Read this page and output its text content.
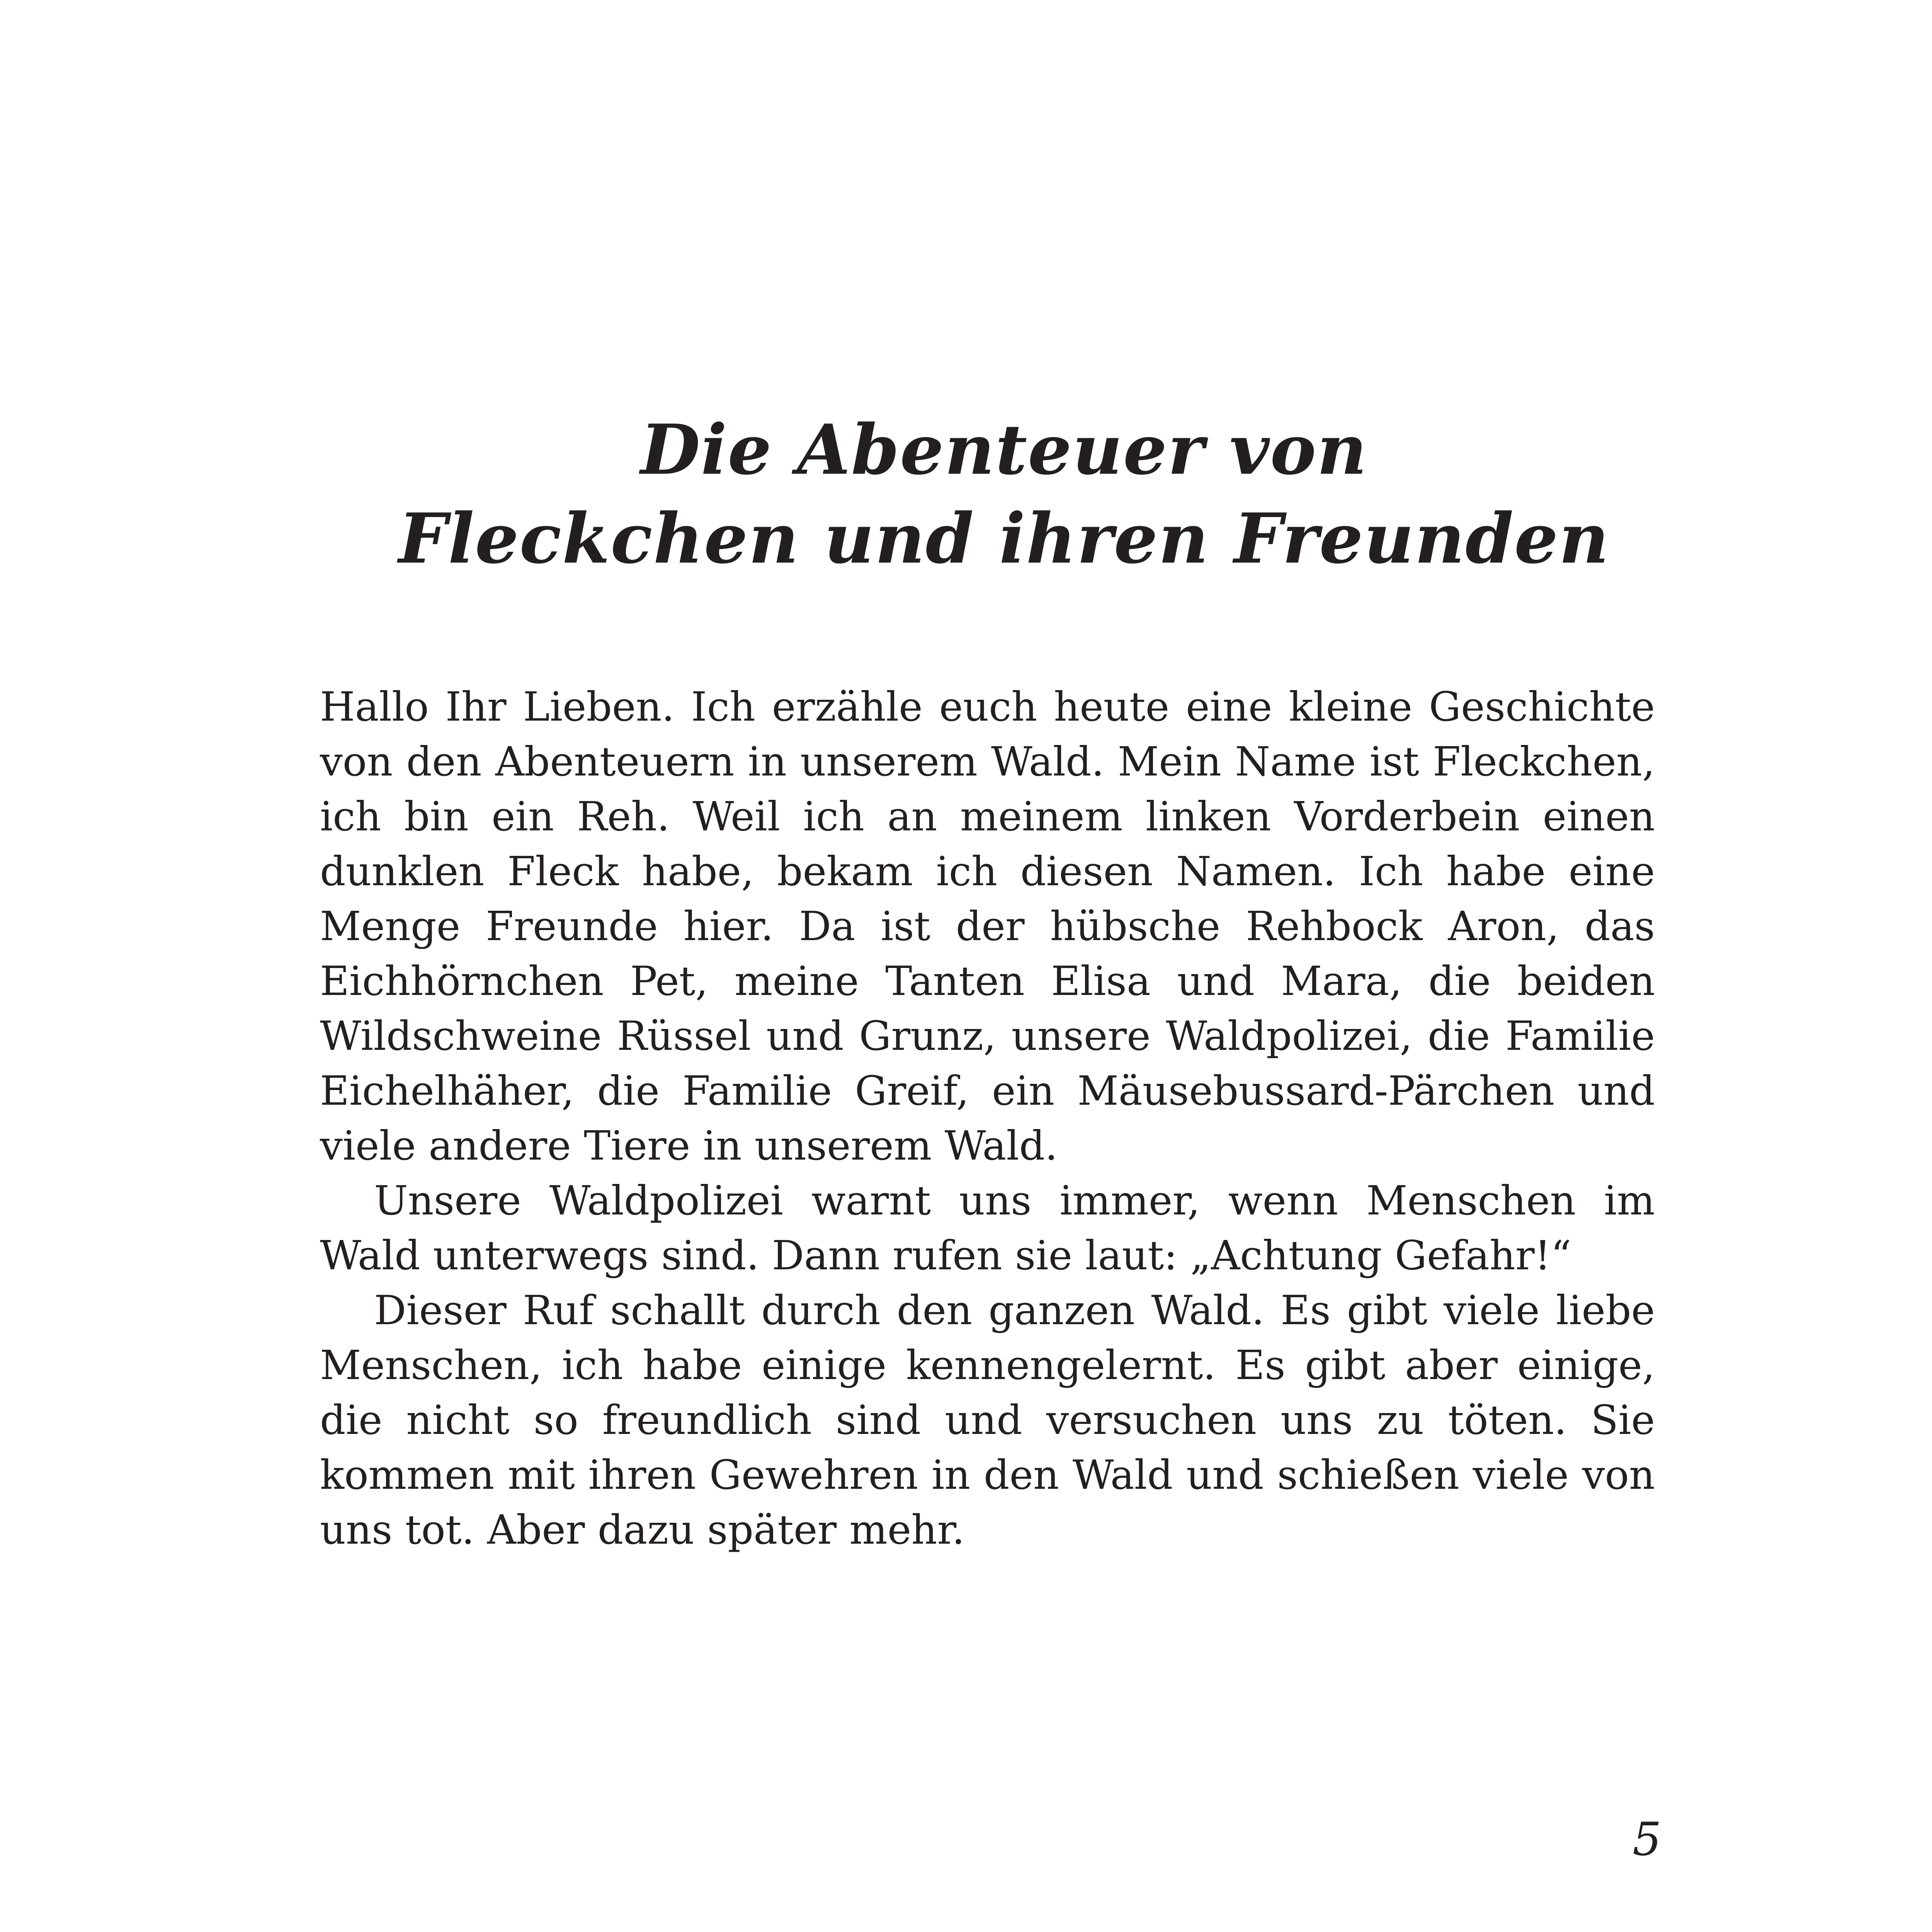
Die Abenteuer von
Fleckchen und ihren Freunden

Hallo Ihr Lieben. Ich erzähle euch heute eine kleine Geschichte von den Abenteuern in unserem Wald. Mein Name ist Fleckchen, ich bin ein Reh. Weil ich an meinem linken Vorderbein einen dunklen Fleck habe, bekam ich diesen Namen. Ich habe eine Menge Freunde hier. Da ist der hübsche Rehbock Aron, das Eichhörnchen Pet, meine Tanten Elisa und Mara, die beiden Wildschweine Rüssel und Grunz, unsere Waldpolizei, die Familie Eichelhäher, die Familie Greif, ein Mäusebussard-Pärchen und viele andere Tiere in unserem Wald.

Unsere Waldpolizei warnt uns immer, wenn Menschen im Wald unterwegs sind. Dann rufen sie laut: „Achtung Gefahr!“

Dieser Ruf schallt durch den ganzen Wald. Es gibt viele liebe Menschen, ich habe einige kennengelernt. Es gibt aber einige, die nicht so freundlich sind und versuchen uns zu töten. Sie kommen mit ihren Gewehren in den Wald und schießen viele von uns tot. Aber dazu später mehr.

5
